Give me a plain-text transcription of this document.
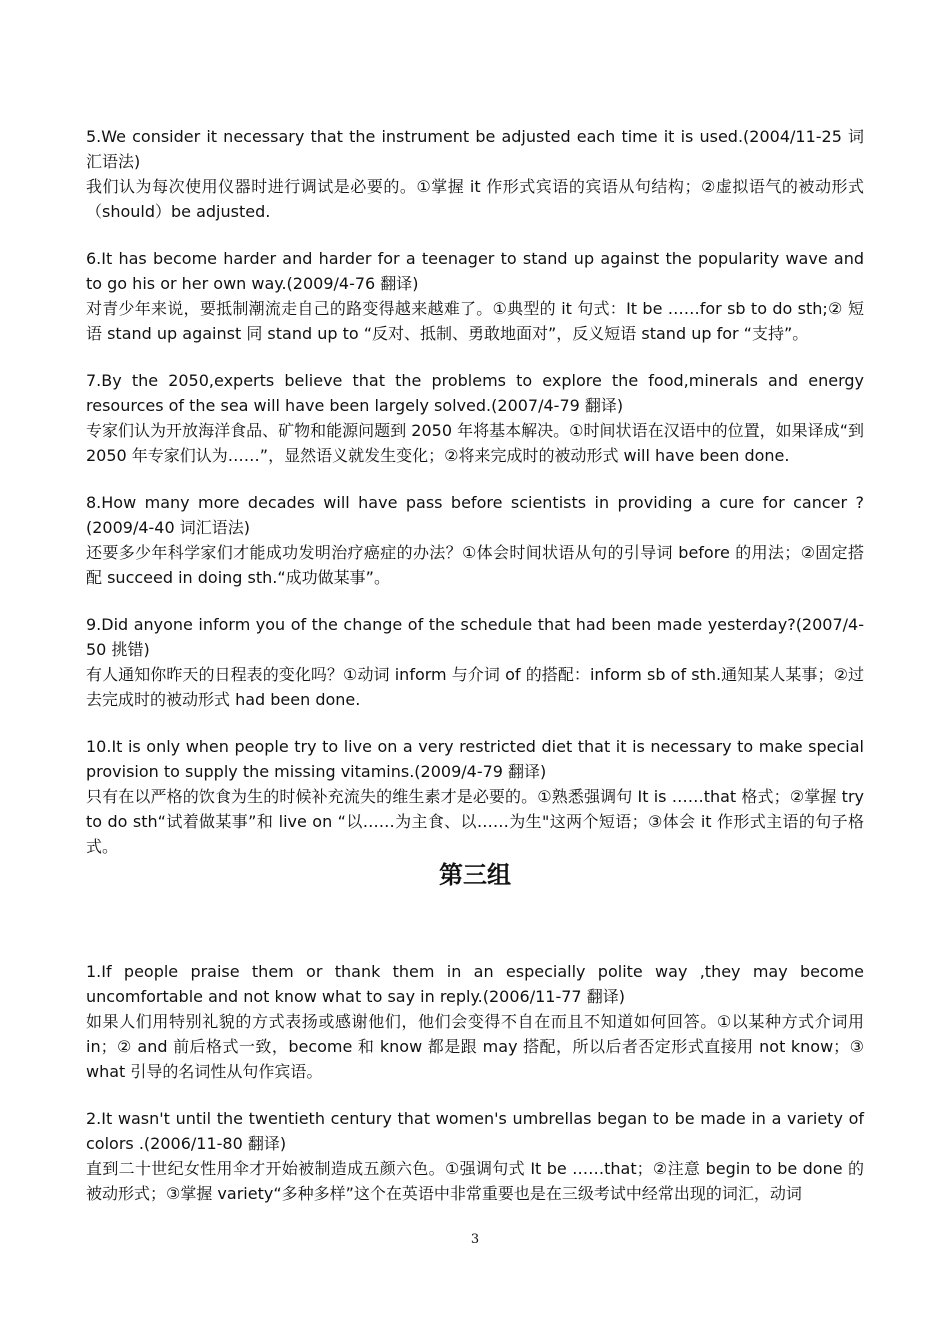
5.We consider it necessary that the instrument be adjusted each time it is used.(2004/11-25 词汇语法)

我们认为每次使用仪器时进行调试是必要的。①掌握 it 作形式宾语的宾语从句结构；②虚拟语气的被动形式（should）be adjusted.

6.It has become harder and harder for a teenager to stand up against the popularity wave and to go his or her own way.(2009/4-76 翻译)

对青少年来说，要抵制潮流走自己的路变得越来越难了。①典型的 it 句式：It be ……for sb to do sth;② 短语 stand up against 同 stand up to “反对、抵制、勇敢地面对”，反义短语 stand up for “支持”。

7.By the 2050,experts believe that the problems to explore the food,minerals and energy resources of the sea will have been largely solved.(2007/4-79 翻译)

专家们认为开放海洋食品、矿物和能源问题到 2050 年将基本解决。①时间状语在汉语中的位置，如果译成“到 2050 年专家们认为……”，显然语义就发生变化；②将来完成时的被动形式 will have been done.

8.How many more decades will have pass before scientists in providing a cure for cancer ?(2009/4-40 词汇语法)

还要多少年科学家们才能成功发明治疗癌症的办法？①体会时间状语从句的引导词 before 的用法；②固定搭配 succeed in doing sth.“成功做某事”。

9.Did anyone inform you of the change of the schedule that had been made yesterday?(2007/4-50 挑错)

有人通知你昨天的日程表的变化吗？①动词 inform 与介词 of 的搭配：inform sb of sth.通知某人某事；②过去完成时的被动形式 had been done.

10.It is only when people try to live on a very restricted diet that it is necessary to make special provision to supply the missing vitamins.(2009/4-79 翻译)

只有在以严格的饮食为生的时候补充流失的维生素才是必要的。①熟悉强调句 It is ……that 格式；②掌握 try to do sth“试着做某事”和 live on “以……为主食、以……为生"这两个短语；③体会 it 作形式主语的句子格式。

第三组

1.If people praise them or thank them in an especially polite way ,they may become uncomfortable and not know what to say in reply.(2006/11-77 翻译)

如果人们用特别礼貌的方式表扬或感谢他们，他们会变得不自在而且不知道如何回答。①以某种方式介词用 in；② and 前后格式一致，become 和 know 都是跟 may 搭配，所以后者否定形式直接用 not know；③ what 引导的名词性从句作宾语。

2.It wasn't until the twentieth century that women's umbrellas began to be made in a variety of colors .(2006/11-80 翻译)

直到二十世纪女性用伞才开始被制造成五颜六色。①强调句式 It be ……that；②注意 begin to be done 的被动形式；③掌握 variety“多种多样”这个在英语中非常重要也是在三级考试中经常出现的词汇，动词

3
